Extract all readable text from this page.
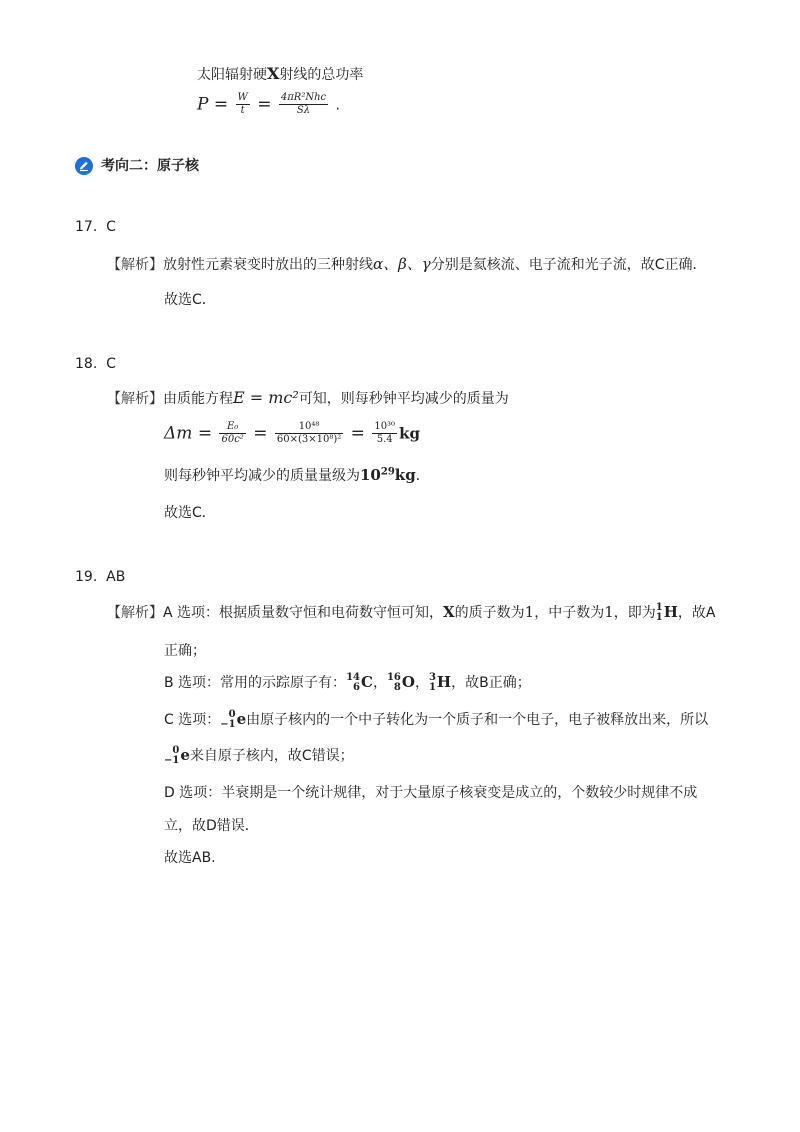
太阳辐射硬X射线的总功率
$P = \frac{W}{t} = \frac{\text{4πR²Nhc}}{S\lambda}$ .
考向二：原子核
17. C
【解析】放射性元素衰变时放出的三种射线α、β、γ分别是氦核流、电子流和光子流，故C正确．
故选C．
18. C
【解析】由质能方程E = mc²可知，则每秒钟平均减少的质量为
$\Delta m = \frac{\text{E₀}}{\text{60c²}} = \frac{\text{10⁴⁸}}{\text{60×(3×10⁸)²}} = \frac{\text{10³⁰}}{5.4}$ kg
则每秒钟平均减少的质量量级为$10^{29}kg$．
故选C．
19. AB
【解析】A 选项：根据质量数守恒和电荷数守恒可知，X的质子数为1，中子数为1，即为 1
1 H，故A
正确；
B 选项：常用的示踪原子有： 14
6 C， 16
8 O， 3
1 H，故B正确；
C 选项： 0
−1 e由原子核内的一个中子转化为一个质子和一个电子，电子被释放出来，所以
0
−1 e来自原子核内，故C错误；
D 选项：半衰期是一个统计规律，对于大量原子核衰变是成立的，个数较少时规律不成
立，故D错误．
故选AB.
